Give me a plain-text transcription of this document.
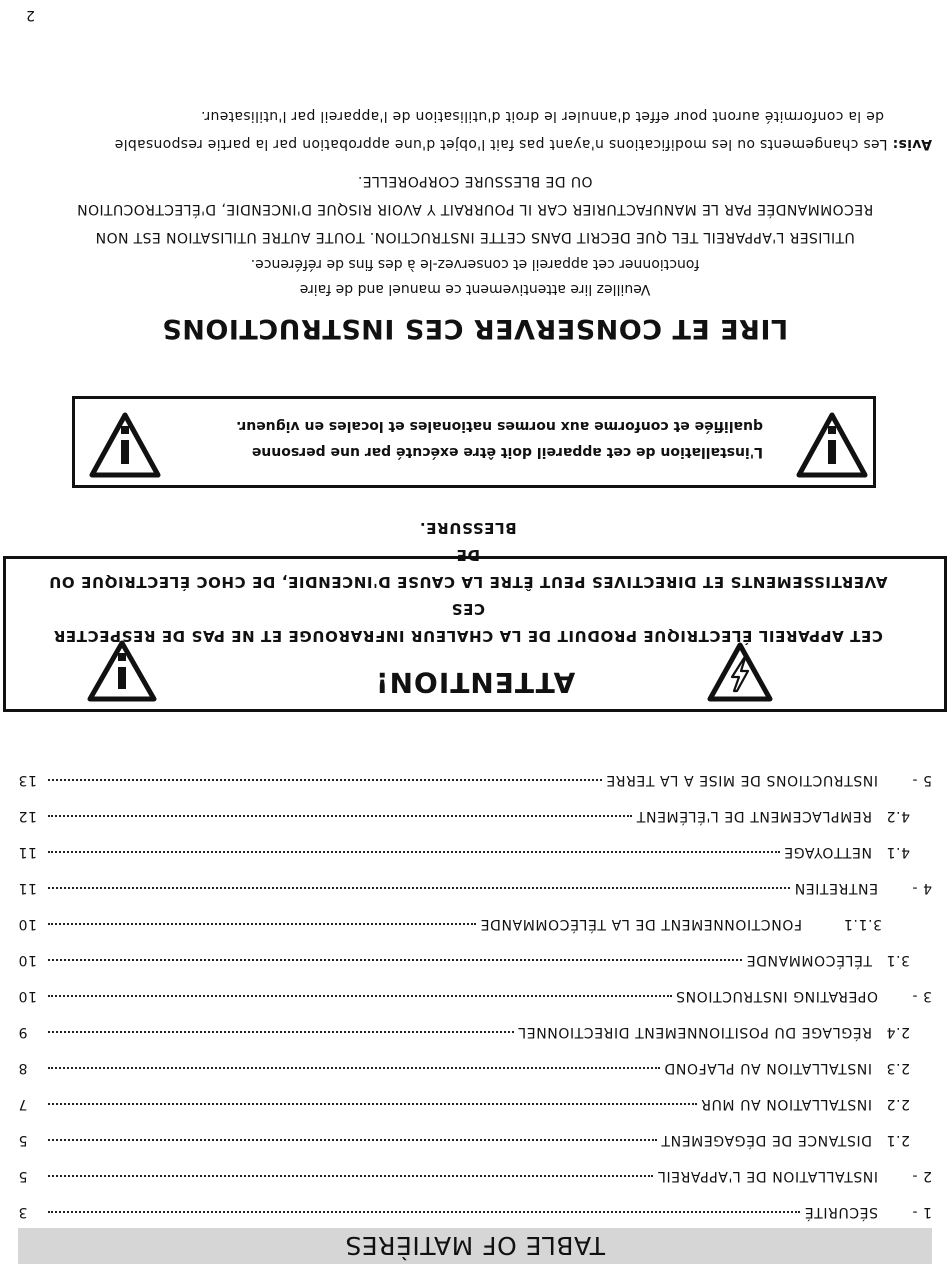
TABLE OF MATIÈRES
1 -
SÉCURITÉ
3
2 -
INSTALLATION DE L'APPAREIL
5
2.1
DISTANCE DE DÉGAGEMENT
5
2.2
INSTALLATION AU MUR
7
2.3
INSTALLATION AU PLAFOND
8
2.4
RÉGLAGE DU POSITIONNEMENT DIRECTIONNEL
9
3 -
OPERATING INSTRUCTIONS
10
3.1
TÉLÉCOMMANDE
10
3.1.1
FONCTIONNEMENT DE LA TÉLÉCOMMANDE
10
4 -
ENTRETIEN
11
4.1
NETTOYAGE
11
4.2
REMPLACEMENT DE L'ÉLÉMENT
12
5 -
INSTRUCTIONS DE MISE A LA TERRE
13
ATTENTION!
CET APPAREIL ÉLECTRIQUE PRODUIT DE LA CHALEUR INFRAROUGE ET NE PAS DE RESPECTER CES
AVERTISSEMENTS ET DIRECTIVES PEUT ÊTRE LA CAUSE D'INCENDIE, DE CHOC ÉLECTRIQUE OU DE
BLESSURE.
L'installation de cet appareil doit être exécuté par une personne
qualifiée et conforme aux normes nationales et locales en vigueur.
LIRE ET CONSERVER CES INSTRUCTIONS
Veuillez lire attentivement ce manuel and de faire
fonctionner cet appareil et conservez-le à des fins de référence.
UTILISER L'APPAREIL TEL QUE DECRIT DANS CETTE INSTRUCTION. TOUTE AUTRE UTILISATION EST NON
RECOMMANDÉE PAR LE MANUFACTURIER CAR IL POURRAIT Y AVOIR RISQUE D'INCENDIE, D'ÉLECTROCUTION
OU DE BLESSURE CORPORELLE.
Avis: Les changements ou les modifications n'ayant pas fait l'objet d'une approbation par la partie responsable
de la conformité auront pour effet d'annuler le droit d'utilisation de l'appareil par l'utilisateur.
2
